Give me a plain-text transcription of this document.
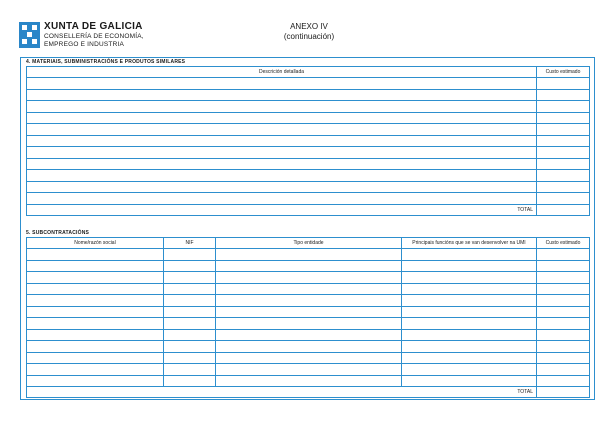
XUNTA DE GALICIA
CONSELLERÍA DE ECONOMÍA,
EMPREGO E INDUSTRIA
ANEXO IV
(continuación)
4. MATERIAIS, SUBMINISTRACIÓNS E PRODUTOS SIMILARES
Descrición detallada	Custo estimado

TOTAL	
5. SUBCONTRATACIÓNS
Nome/razón social	NIF	Tipo entidade	Principais funcións que se van desenvolver na UMI	Custo estimado

TOTAL				
